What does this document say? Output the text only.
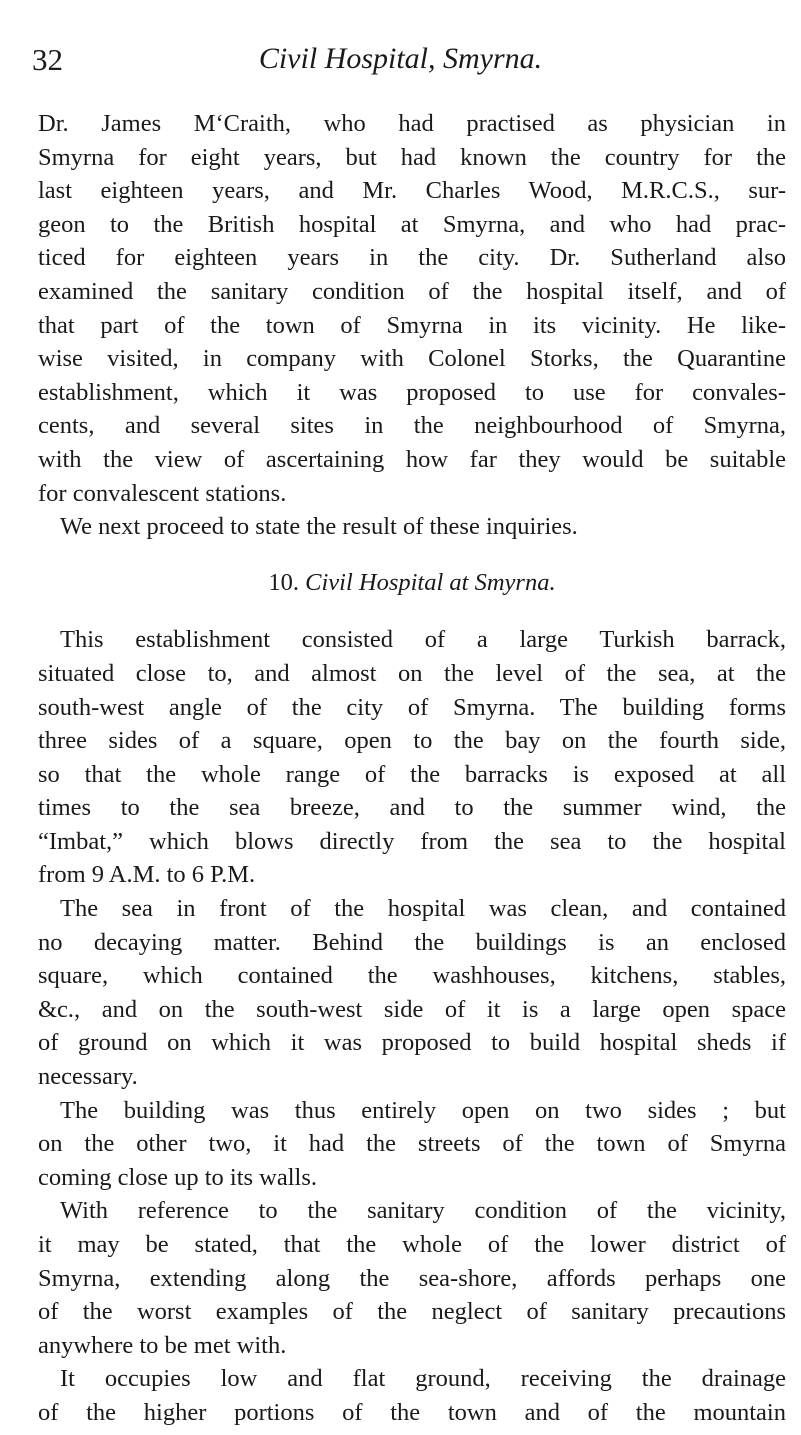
32	Civil Hospital, Smyrna.
Dr. James M‘Craith, who had practised as physician in
Smyrna for eight years, but had known the country for the
last eighteen years, and Mr. Charles Wood, M.R.C.S., sur-
geon to the British hospital at Smyrna, and who had prac-
ticed for eighteen years in the city. Dr. Sutherland also
examined the sanitary condition of the hospital itself, and of
that part of the town of Smyrna in its vicinity. He like-
wise visited, in company with Colonel Storks, the Quarantine
establishment, which it was proposed to use for convales-
cents, and several sites in the neighbourhood of Smyrna,
with the view of ascertaining how far they would be suitable
for convalescent stations.
We next proceed to state the result of these inquiries.
10. Civil Hospital at Smyrna.
This establishment consisted of a large Turkish barrack,
situated close to, and almost on the level of the sea, at the
south-west angle of the city of Smyrna. The building forms
three sides of a square, open to the bay on the fourth side,
so that the whole range of the barracks is exposed at all
times to the sea breeze, and to the summer wind, the
“Imbat,” which blows directly from the sea to the hospital
from 9 A.M. to 6 P.M.
The sea in front of the hospital was clean, and contained
no decaying matter. Behind the buildings is an enclosed
square, which contained the washhouses, kitchens, stables,
&c., and on the south-west side of it is a large open space
of ground on which it was proposed to build hospital sheds if
necessary.
The building was thus entirely open on two sides ; but
on the other two, it had the streets of the town of Smyrna
coming close up to its walls.
With reference to the sanitary condition of the vicinity,
it may be stated, that the whole of the lower district of
Smyrna, extending along the sea-shore, affords perhaps one
of the worst examples of the neglect of sanitary precautions
anywhere to be met with.
It occupies low and flat ground, receiving the drainage
of the higher portions of the town and of the mountain
